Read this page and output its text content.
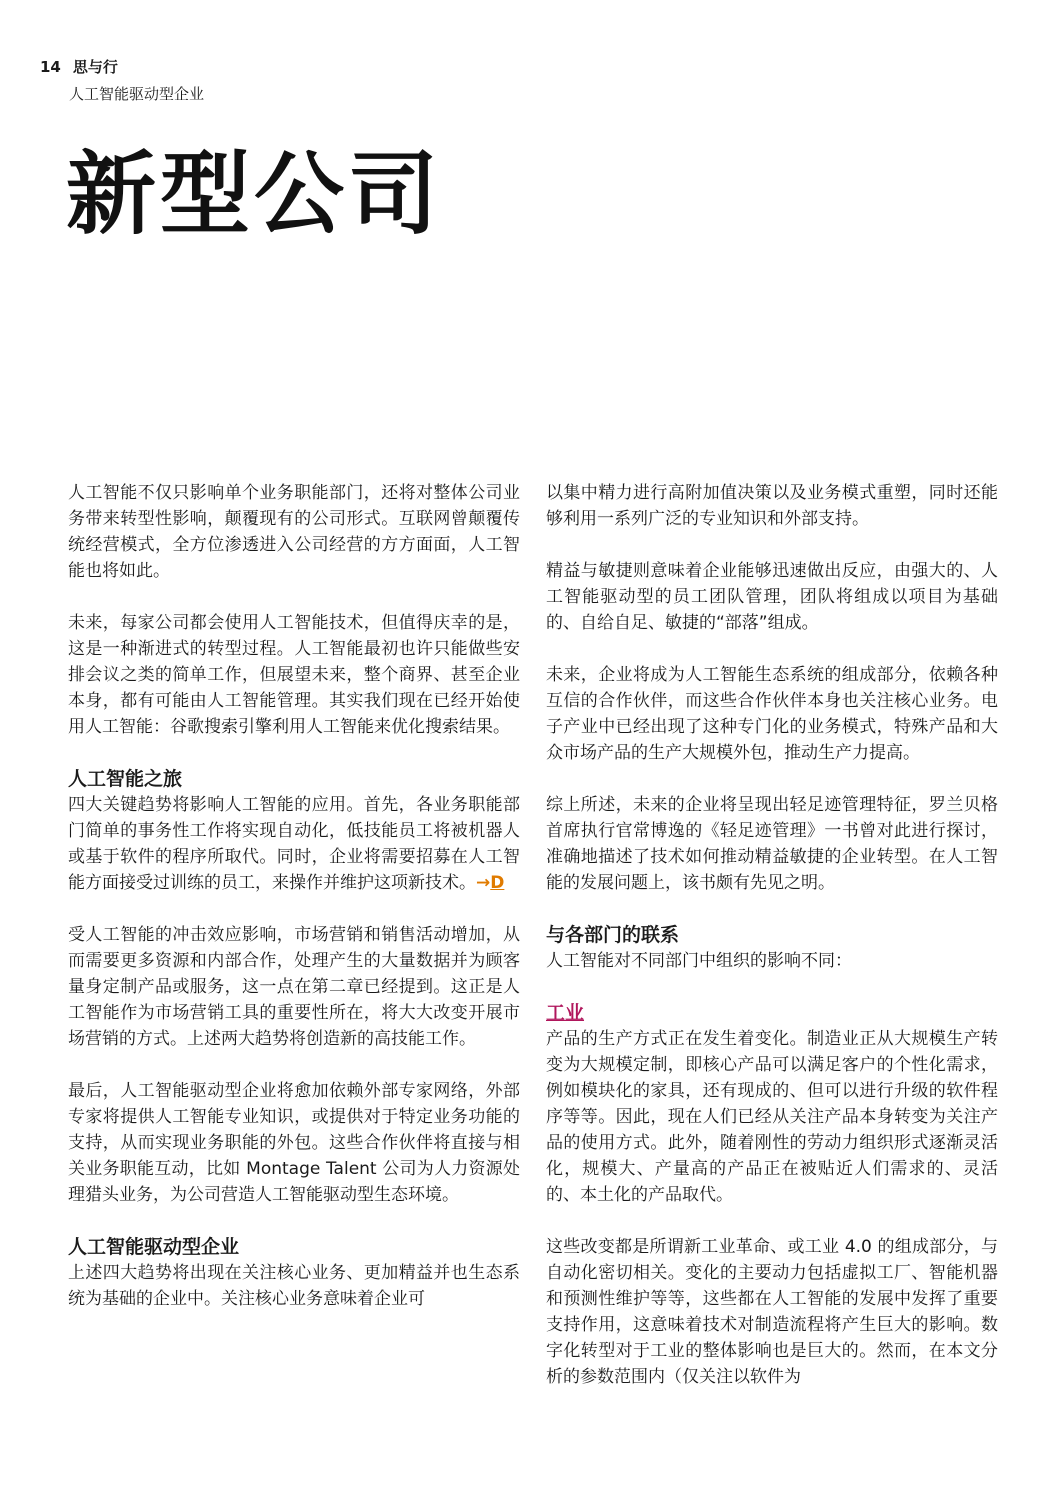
14 思与行
人工智能驱动型企业
新型公司

人工智能不仅只影响单个业务职能部门，还将对整体公司业务带来转型性影响，颠覆现有的公司形式。互联网曾颠覆传统经营模式，全方位渗透进入公司经营的方方面面，人工智能也将如此。

未来，每家公司都会使用人工智能技术，但值得庆幸的是，这是一种渐进式的转型过程。人工智能最初也许只能做些安排会议之类的简单工作，但展望未来，整个商界、甚至企业本身，都有可能由人工智能管理。其实我们现在已经开始使用人工智能：谷歌搜索引擎利用人工智能来优化搜索结果。

人工智能之旅

四大关键趋势将影响人工智能的应用。首先，各业务职能部门简单的事务性工作将实现自动化，低技能员工将被机器人或基于软件的程序所取代。同时，企业将需要招募在人工智能方面接受过训练的员工，来操作并维护这项新技术。→D

受人工智能的冲击效应影响，市场营销和销售活动增加，从而需要更多资源和内部合作，处理产生的大量数据并为顾客量身定制产品或服务，这一点在第二章已经提到。这正是人工智能作为市场营销工具的重要性所在，将大大改变开展市场营销的方式。上述两大趋势将创造新的高技能工作。

最后，人工智能驱动型企业将愈加依赖外部专家网络，外部专家将提供人工智能专业知识，或提供对于特定业务功能的支持，从而实现业务职能的外包。这些合作伙伴将直接与相关业务职能互动，比如 Montage Talent 公司为人力资源处理猎头业务，为公司营造人工智能驱动型生态环境。

人工智能驱动型企业

上述四大趋势将出现在关注核心业务、更加精益并也生态系统为基础的企业中。关注核心业务意味着企业可

以集中精力进行高附加值决策以及业务模式重塑，同时还能够利用一系列广泛的专业知识和外部支持。

精益与敏捷则意味着企业能够迅速做出反应，由强大的、人工智能驱动型的员工团队管理，团队将组成以项目为基础的、自给自足、敏捷的“部落”组成。

未来，企业将成为人工智能生态系统的组成部分，依赖各种互信的合作伙伴，而这些合作伙伴本身也关注核心业务。电子产业中已经出现了这种专门化的业务模式，特殊产品和大众市场产品的生产大规模外包，推动生产力提高。

综上所述，未来的企业将呈现出轻足迹管理特征，罗兰贝格首席执行官常博逸的《轻足迹管理》一书曾对此进行探讨，准确地描述了技术如何推动精益敏捷的企业转型。在人工智能的发展问题上，该书颇有先见之明。

与各部门的联系

人工智能对不同部门中组织的影响不同：

工业

产品的生产方式正在发生着变化。制造业正从大规模生产转变为大规模定制，即核心产品可以满足客户的个性化需求，例如模块化的家具，还有现成的、但可以进行升级的软件程序等等。因此，现在人们已经从关注产品本身转变为关注产品的使用方式。此外，随着刚性的劳动力组织形式逐渐灵活化，规模大、产量高的产品正在被贴近人们需求的、灵活的、本土化的产品取代。

这些改变都是所谓新工业革命、或工业 4.0 的组成部分，与自动化密切相关。变化的主要动力包括虚拟工厂、智能机器和预测性维护等等，这些都在人工智能的发展中发挥了重要支持作用，这意味着技术对制造流程将产生巨大的影响。数字化转型对于工业的整体影响也是巨大的。然而，在本文分析的参数范围内（仅关注以软件为
